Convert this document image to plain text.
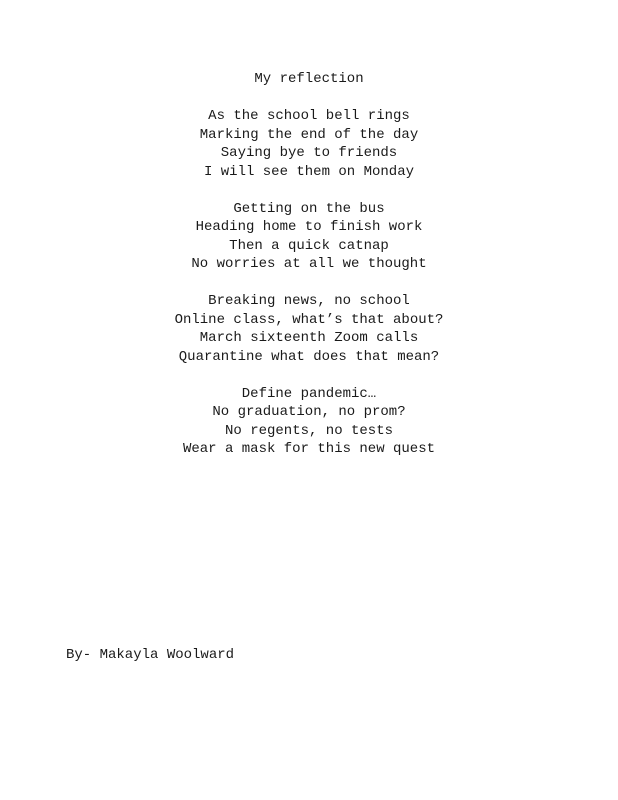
My reflection
As the school bell rings
Marking the end of the day
Saying bye to friends
I will see them on Monday
Getting on the bus
Heading home to finish work
Then a quick catnap
No worries at all we thought
Breaking news, no school
Online class, what’s that about?
March sixteenth Zoom calls
Quarantine what does that mean?
Define pandemic…
No graduation, no prom?
No regents, no tests
Wear a mask for this new quest
By- Makayla Woolward
